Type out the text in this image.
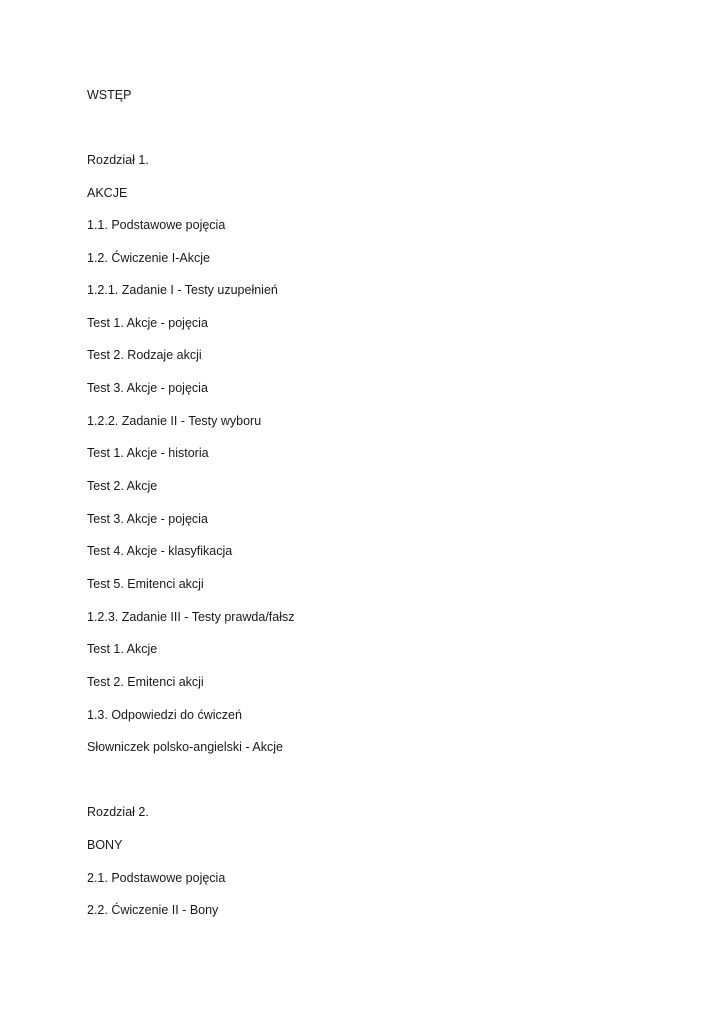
WSTĘP
Rozdział 1.
AKCJE
1.1. Podstawowe pojęcia
1.2. Ćwiczenie I-Akcje
1.2.1. Zadanie I - Testy uzupełnień
Test 1. Akcje - pojęcia
Test 2. Rodzaje akcji
Test 3. Akcje - pojęcia
1.2.2. Zadanie II - Testy wyboru
Test 1. Akcje - historia
Test 2. Akcje
Test 3. Akcje - pojęcia
Test 4. Akcje - klasyfikacja
Test 5. Emitenci akcji
1.2.3. Zadanie III - Testy prawda/fałsz
Test 1. Akcje
Test 2. Emitenci akcji
1.3. Odpowiedzi do ćwiczeń
Słowniczek polsko-angielski - Akcje
Rozdział 2.
BONY
2.1. Podstawowe pojęcia
2.2. Ćwiczenie II - Bony
